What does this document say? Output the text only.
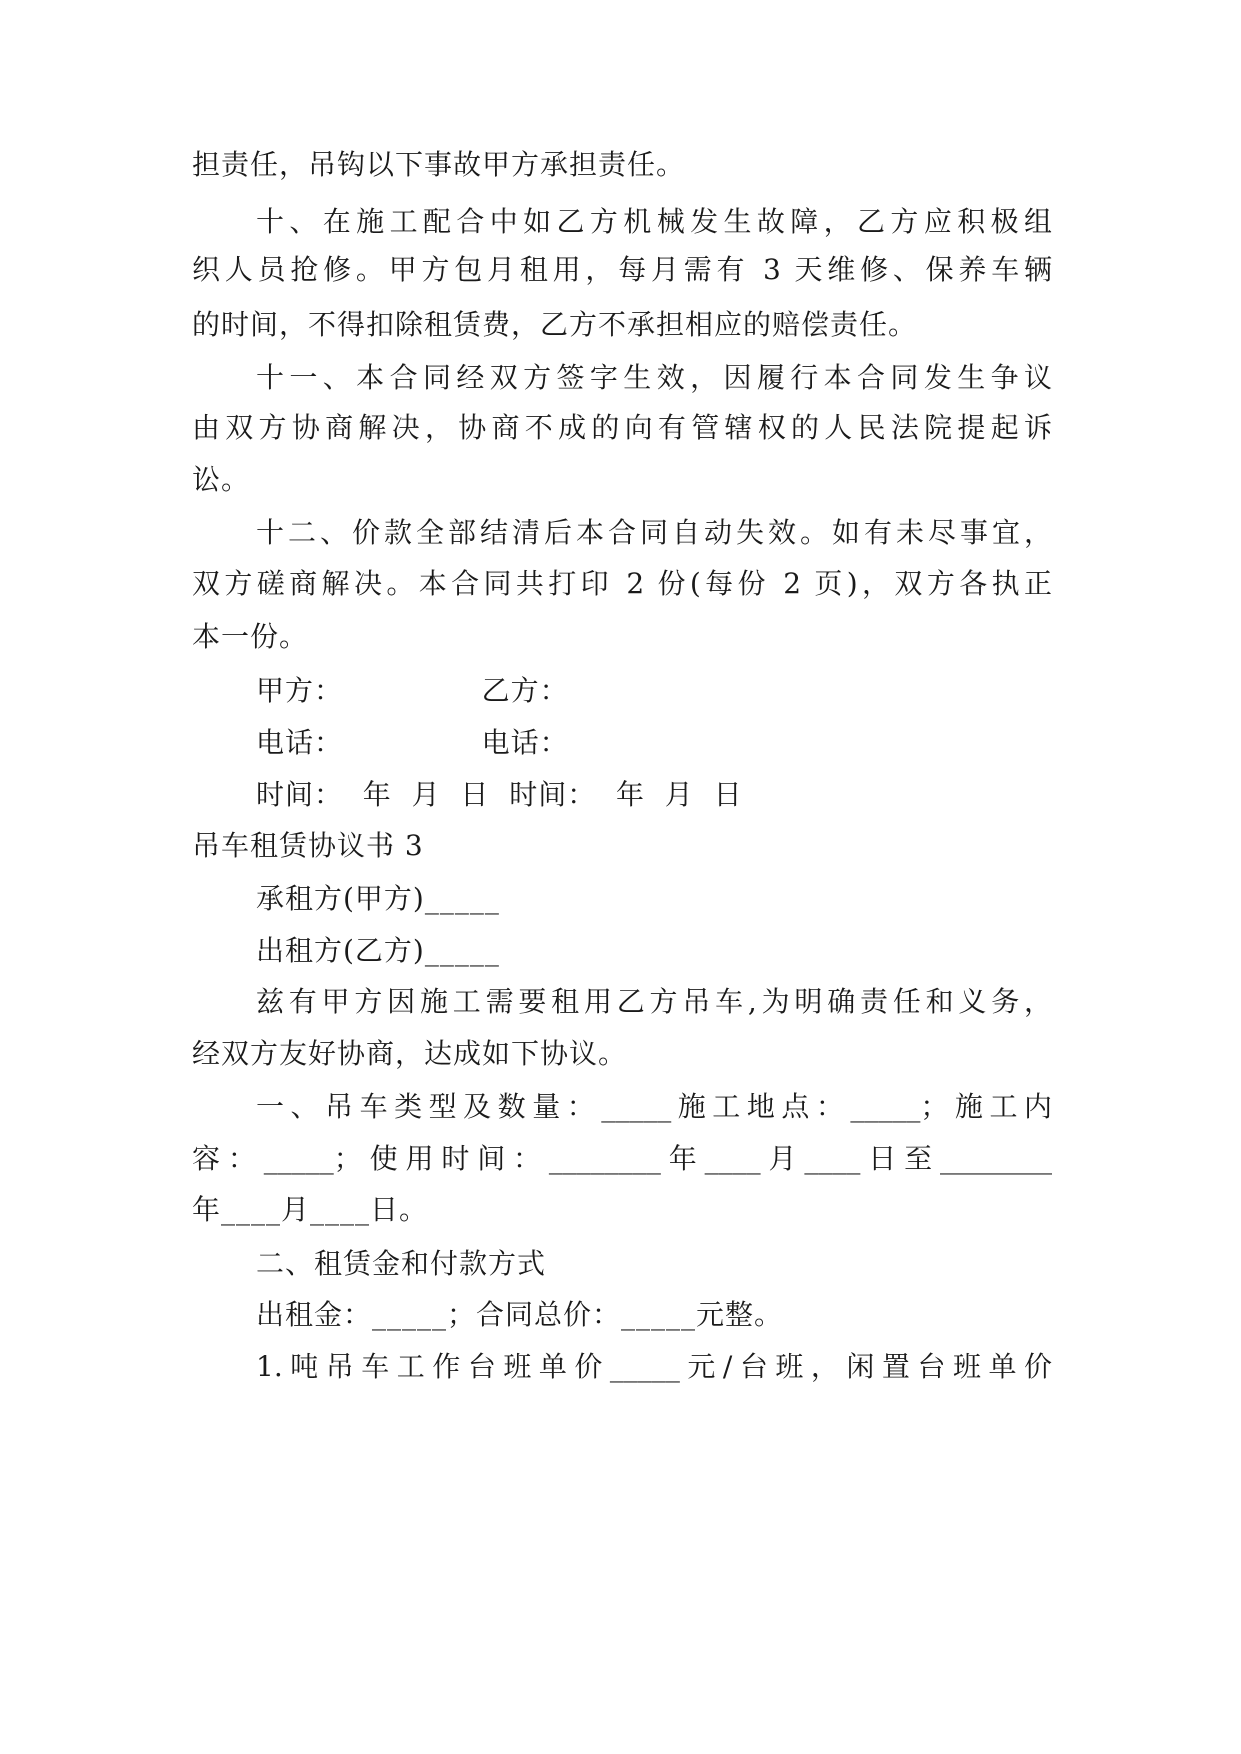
担责任，吊钩以下事故甲方承担责任。
十、在施工配合中如乙方机械发生故障，乙方应积极组
织人员抢修。甲方包月租用，每月需有 3 天维修、保养车辆
的时间，不得扣除租赁费，乙方不承担相应的赔偿责任。
十一、本合同经双方签字生效，因履行本合同发生争议
由双方协商解决，协商不成的向有管辖权的人民法院提起诉
讼。
十二、价款全部结清后本合同自动失效。如有未尽事宜，
双方磋商解决。本合同共打印 2 份(每份 2 页)，双方各执正
本一份。
甲方：              乙方：
电话：              电话：
时间：  年  月  日  时间：  年  月  日
吊车租赁协议书 3
承租方(甲方)_____
出租方(乙方)_____
兹有甲方因施工需要租用乙方吊车,为明确责任和义务，
经双方友好协商，达成如下协议。
一、吊车类型及数量：_____施工地点：_____；施工内
容：_____；使用时间：________年____月____日至________
年____月____日。
二、租赁金和付款方式
出租金：_____；合同总价：_____元整。
1.吨吊车工作台班单价_____元/台班，闲置台班单价
